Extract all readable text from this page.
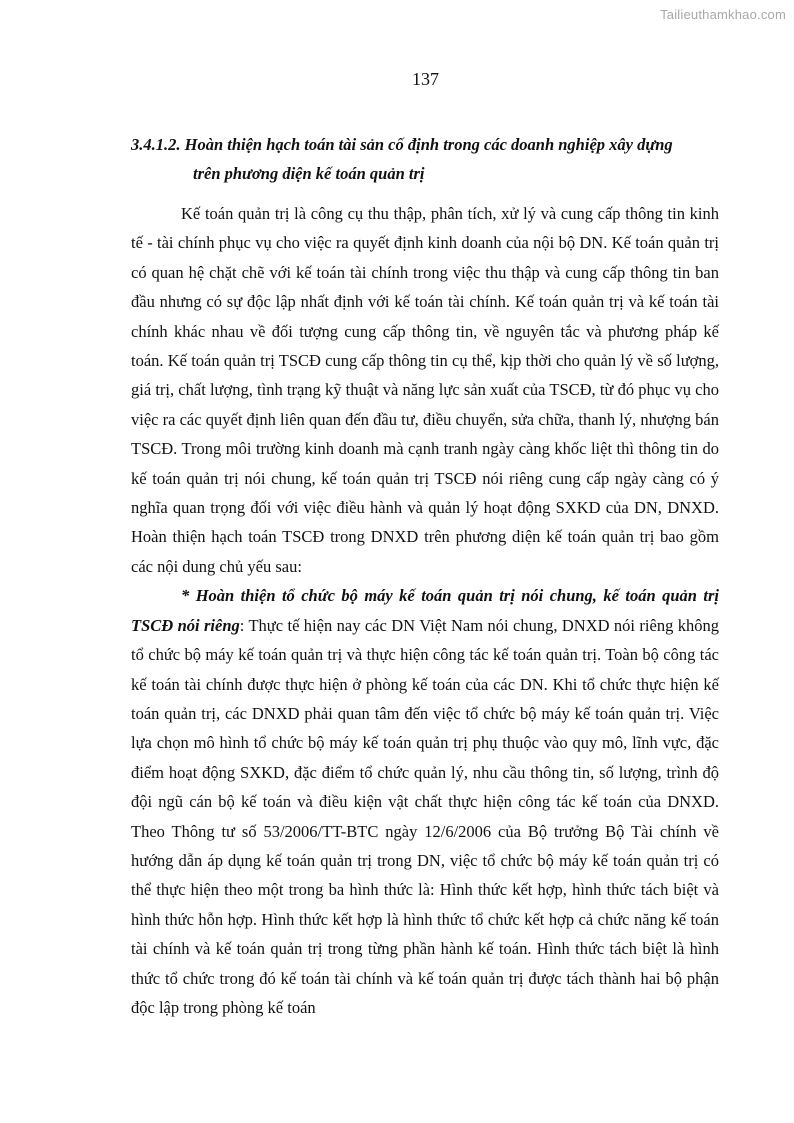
Tailieuthamkhao.com
137
3.4.1.2. Hoàn thiện hạch toán tài sản cố định trong các doanh nghiệp xây dựng
trên phương diện kế toán quản trị

Kế toán quản trị là công cụ thu thập, phân tích, xử lý và cung cấp thông tin kinh tế - tài chính phục vụ cho việc ra quyết định kinh doanh của nội bộ DN. Kế toán quản trị có quan hệ chặt chẽ với kế toán tài chính trong việc thu thập và cung cấp thông tin ban đầu nhưng có sự độc lập nhất định với kế toán tài chính. Kế toán quản trị và kế toán tài chính khác nhau về đối tượng cung cấp thông tin, về nguyên tắc và phương pháp kế toán. Kế toán quản trị TSCĐ cung cấp thông tin cụ thể, kịp thời cho quản lý về số lượng, giá trị, chất lượng, tình trạng kỹ thuật và năng lực sản xuất của TSCĐ, từ đó phục vụ cho việc ra các quyết định liên quan đến đầu tư, điều chuyển, sửa chữa, thanh lý, nhượng bán TSCĐ. Trong môi trường kinh doanh mà cạnh tranh ngày càng khốc liệt thì thông tin do kế toán quản trị nói chung, kế toán quản trị TSCĐ nói riêng cung cấp ngày càng có ý nghĩa quan trọng đối với việc điều hành và quản lý hoạt động SXKD của DN, DNXD. Hoàn thiện hạch toán TSCĐ trong DNXD trên phương diện kế toán quản trị bao gồm các nội dung chủ yếu sau:

* Hoàn thiện tổ chức bộ máy kế toán quản trị nói chung, kế toán quản trị TSCĐ nói riêng: Thực tế hiện nay các DN Việt Nam nói chung, DNXD nói riêng không tổ chức bộ máy kế toán quản trị và thực hiện công tác kế toán quản trị. Toàn bộ công tác kế toán tài chính được thực hiện ở phòng kế toán của các DN. Khi tổ chức thực hiện kế toán quản trị, các DNXD phải quan tâm đến việc tổ chức bộ máy kế toán quản trị. Việc lựa chọn mô hình tổ chức bộ máy kế toán quản trị phụ thuộc vào quy mô, lĩnh vực, đặc điểm hoạt động SXKD, đặc điểm tổ chức quản lý, nhu cầu thông tin, số lượng, trình độ đội ngũ cán bộ kế toán và điều kiện vật chất thực hiện công tác kế toán của DNXD. Theo Thông tư số 53/2006/TT-BTC ngày 12/6/2006 của Bộ trưởng Bộ Tài chính về hướng dẫn áp dụng kế toán quản trị trong DN, việc tổ chức bộ máy kế toán quản trị có thể thực hiện theo một trong ba hình thức là: Hình thức kết hợp, hình thức tách biệt và hình thức hỗn hợp. Hình thức kết hợp là hình thức tổ chức kết hợp cả chức năng kế toán tài chính và kế toán quản trị trong từng phần hành kế toán. Hình thức tách biệt là hình thức tổ chức trong đó kế toán tài chính và kế toán quản trị được tách thành hai bộ phận độc lập trong phòng kế toán
